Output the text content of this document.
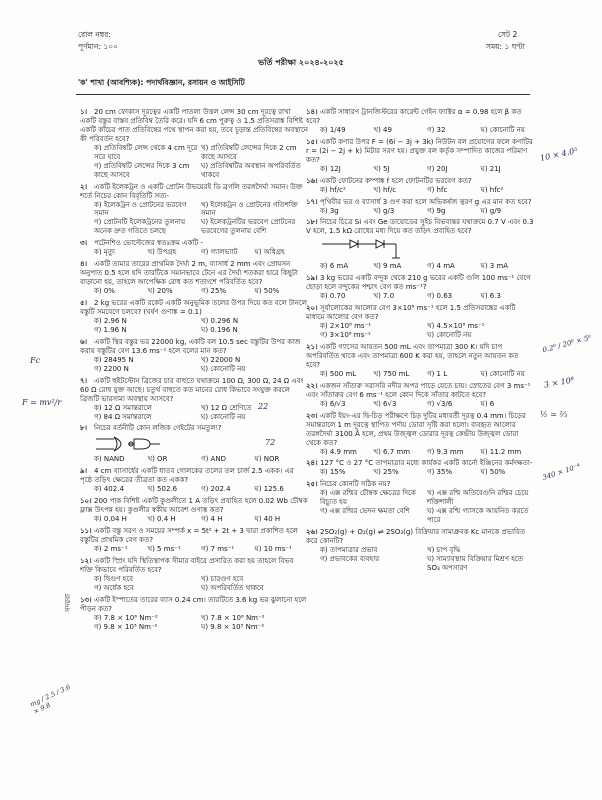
রোল নম্বর:
পূর্ণমান: ১০০
সেট 2
সময়: ১ ঘণ্টা
ভর্তি পরীক্ষা ২০২৪-২০২৫
'ক' শাখা (আবশ্যিক): পদার্থবিজ্ঞান, রসায়ন ও আইসিটি
১। 20 cm ফোকাস দূরত্বের একটি পাতলা উত্তল লেন্স 30 cm দূরত্বে রাখা একটি বস্তুর বাস্তব প্রতিবিম্ব তৈরি করে। যদি 6 cm পুরুত্ব ও 1.5 প্রতিসরাঙ্ক বিশিষ্ট একটি কাঁচের পাত প্রতিবিম্বের পথে স্থাপন করা হয়, তবে চূড়ান্ত প্রতিবিম্বের অবস্থানে কী পরিবর্তন হবে?
ক) প্রতিবিম্বটি লেন্স থেকে 4 cm দূরে সরে যাবে
খ) প্রতিবিম্বটি লেন্সের দিকে 2 cm কাছে আসবে
গ) প্রতিবিম্বটি লেন্সের দিকে 3 cm কাছে আসবে
ঘ) প্রতিবিম্বটির অবস্থান অপরিবর্তিত থাকবে
২। একটি ইলেকট্রন ও একটি প্রোটন উভয়েরই ডি ব্রগলি তরঙ্গদৈর্ঘ্য সমান। উক্ত শর্তে নিচের কোন বিবৃতিটি সত্য-
ক) ইলেকট্রন ও প্রোটনের ভরবেগ সমান
খ) ইলেকট্রন ও প্রোটনের গতিশক্তি সমান
গ) প্রোটনটি ইলেকট্রনের তুলনায় অনেক দ্রুত গতিতে চলছে
ঘ) ইলেকট্রনটির ভরবেগ প্রোটনের ভরবেগের তুলনায় বেশি
৩। পটেনশিও ভোল্টেজের স্বতঃক্রম একটি -
ক) মৃত্যু	খ) উপগ্রহ	গ) গ্যালভ্যাট	ঘ) অধিগ্রহ
৪। একটি তামার তারের প্রাথমিক দৈর্ঘ্য 2 m, ব্যাসার্ধ 2 mm এবং প্রোয়সন অনুপাত 0.5 হলে যদি তারটিকে সমানভাবে টেনে এর দৈর্ঘ্য শতকরা হারে কিছুটা বাড়ানো হয়, তাহলে আপেক্ষিক রোধ কত শতাংশে পরিবর্তিত হবে?
ক) 0%	খ) 20%	গ) 25%	ঘ) 50%
৫। 2 kg ভরের একটি রকেট একটি অনুভূমিক তলের উপর দিয়ে কত বলে টানলে বস্তুটি সমবেগে চলবে? (ঘর্ষণ গুণাঙ্ক = 0.1)
ক) 2.96 N	খ) 0.296 N
গ) 1.96 N	ঘ) 0.196 N
৬। একটি স্থির বস্তুর ভর 22000 kg, একটি বল 10.5 sec বস্তুটির উপর কাজ করায় বস্তুটির বেগ 13.6 ms⁻¹ হলে বলের মান কত?
ক) 28495 N	খ) 22000 N
গ) 2200 N	ঘ) কোনোটি নয়
৭। একটি হুইটস্টোন ব্রিজের চার বাহুতে যথাক্রমে 100 Ω, 300 Ω, 24 Ω এবং 60 Ω রোধ যুক্ত আছে। চতুর্থ বাহুতে কত মানের রোধ কিভাবে সংযুক্ত করলে ব্রিজটি ভারসাম্য অবস্থায় আসবে?
ক) 12 Ω সমান্তরালে	খ) 12 Ω শ্রেণিতে
গ) 84 Ω সমান্তরালে	ঘ) কোনোটি নয়
৮। নিচের বর্তনীটি কোন লজিক গেইটের সমতুল্য?
ক) NAND	খ) OR	গ) AND	ঘ) NOR
৯। 4 cm ব্যাসার্ধের একটি ধাতব গোলকের তলের তল চার্জ 2.5 একক। এর পৃষ্ঠে তড়িৎ ক্ষেত্রের তীব্রতা কত একক?
ক) 402.4	খ) 502.6	গ) 202.4	ঘ) 125.6
১০। 200 পাক বিশিষ্ট একটি কুণ্ডলীতে 1 A তড়িৎ প্রবাহিত হলে 0.02 Wb চৌম্বক ফ্লাক্স উৎপন্ন হয়। কুণ্ডলীর স্বকীয় আবেশ গুণাঙ্ক কত?
ক) 0.04 H	খ) 0.4 H	গ) 4 H	ঘ) 40 H
১১। একটি বস্তু সরণ ও সময়ের সম্পর্ক x = 5t² + 2t + 3 দ্বারা প্রকাশিত হলে বস্তুটির প্রাথমিক বেগ কত?
ক) 2 ms⁻¹	খ) 5 ms⁻¹	গ) 7 ms⁻¹	ঘ) 10 ms⁻¹
১২। একটি স্প্রিং যদি স্থিতিস্থাপক সীমার বাইরে প্রসারিত করা হয় তাহলে বিভব শক্তি কিভাবে পরিবর্তিত হবে?
ক) দ্বিগুণ হবে	খ) চারগুণ হবে
গ) অর্ধেক হবে	ঘ) অপরিবর্তিত থাকবে
১৩। একটি ইস্পাতের তারের ব্যাস 0.24 cm। তারটিতে 3.6 kg ভর ঝুলানো হলে পীড়ন কত?
ক) 7.8 × 10⁶ Nm⁻²	খ) 7.8 × 10⁶ Nm⁻²
গ) 9.8 × 10³ Nm⁻²	ঘ) 9.8 × 10⁵ Nm⁻²
১৪। একটি সাধারণ ট্রানজিস্টরের কারেন্ট গেইন ফ্যাক্টর α = 0.98 হলে β কত হবে?
ক) 1/49	খ) 49	গ) 32	ঘ) কোনোটি নয়
১৫। একটি কণার উপর F = (6i − 3j + 3k) নিউটন বল প্রয়োগের ফলে কণাটির r = (2i − 2j + k) মিটার সরণ হয়। প্রযুক্ত বল কর্তৃক সম্পাদিত কাজের পরিমাণ কত?
ক) 12J	খ) 5J	গ) 20J	ঘ) 21J
১৬। একটি ফোটনের কম্পাঙ্ক f হলে ফোটনটির ভরবেগ কত?
ক) hf/c²	খ) hf/c	গ) hfc	ঘ) hfc²
১৭। পৃথিবীর ভর ও ব্যাসার্ধ 3 গুণ করা হলে অভিকর্ষজ ত্বরণ g এর মান কত হবে?
ক) 3g	খ) g/3	গ) 9g	ঘ) g/9
১৮। নিচের চিত্রে Si এবং Ge ডায়োডের সুইচ বিভবান্তর যথাক্রমে 0.7 V এবং 0.3 V হলে, 1.5 kΩ রোধের মধ্য দিয়ে কত তড়িৎ প্রবাহিত হবে?
ক) 6 mA	খ) 9 mA	গ) 4 mA	ঘ) 3 mA
১৯। 3 kg ভরের একটি বন্দুক থেকে 210 g ভরের একটি গুলি 100 ms⁻¹ বেগে ছোড়া হলে বন্দুকের পশ্চাৎ বেগ কত ms⁻¹?
ক) 0.70	খ) 7.0	গ) 0.63	ঘ) 6.3
২০। সূর্যালোকের আলোর বেগ 3×10⁸ ms⁻¹ হলে 1.5 প্রতিসরাঙ্কের একটি মাধ্যমে আলোর বেগ কত?
ক) 2×10⁸ ms⁻¹	খ) 4.5×10⁸ ms⁻¹
গ) 3×10⁸ ms⁻¹	ঘ) কোনোটি নয়
২১। একটি গ্যাসের আয়তন 500 mL এবং তাপমাত্রা 300 K। যদি চাপ অপরিবর্তিত থাকে এবং তাপমাত্রা 600 K করা হয়, তাহলে নতুন আয়তন কত হবে?
ক) 500 mL	খ) 750 mL	গ) 1 L	ঘ) কোনোটি নয়
২২। একজন সাঁতারু সরাসরি নদীর অপর পাড়ে যেতে চায়। স্রোতের বেগ 3 ms⁻¹ এবং সাঁতারুর বেগ 6 ms⁻¹ হলে কোন দিকে সাঁতার কাটতে হবে?
ক) 6/√3	খ) 6√3	গ) √3/6	ঘ) 6
২৩। একটি ইয়ং-এর দ্বি-চিড় পরীক্ষণে চিড় দুটির মধ্যবর্তী দূরত্ব 0.4 mm। চিড়ের সমান্তরালে 1 m দূরত্বে স্থাপিত পর্দায় ডোরা সৃষ্টি করা হলো। ব্যবহৃত আলোর তরঙ্গদৈর্ঘ্য 3100 Å হলে, প্রথম উজ্জ্বল ডোরার দূরত্ব কেন্দ্রীয় উজ্জ্বল ডোরা থেকে কত?
ক) 4.9 mm	খ) 6.7 mm	গ) 9.3 mm	ঘ) 11.2 mm
২৪। 127 °C ও 27 °C তাপমাত্রার মধ্যে কার্যকর একটি কার্নো ইঞ্জিনের কর্মদক্ষতা-
ক) 15%	খ) 25%	গ) 35%	ঘ) 50%
২৫। নিচের কোনটি সঠিক নয়?
ক) এক্স রশ্মির চৌম্বক ক্ষেত্রের দিকে বিচ্যুত হয়
খ) এক্স রশ্মি অতিবেগুনি রশ্মির চেয়ে শক্তিশালী
গ) এক্স রশ্মির ভেদন ক্ষমতা বেশি	ঘ) এক্স রশ্মি গ্যাসকে আয়নিত করতে পারে
২৬। 2SO₂(g) + O₂(g) ⇌ 2SO₃(g) বিক্রিয়ার সাম্যধ্রুবক Kc মানকে প্রভাবিত করে কোনটি?
ক) তাপমাত্রার প্রভাব	খ) চাপ বৃদ্ধি
গ) প্রভাবকের ব্যবহার	ঘ) সাম্যাবস্থায় বিক্রিয়ার মিশ্রণ হতে SO₃ অপসারণ
সদরবা
10 × 4.0⁵
0.2⁰ / 20⁰ × 5⁰
3 × 10⁸
½ = ⅔
340 × 10⁻⁴
Fc
F = mv²/r	22
72
mg / 2.5 / 3.6 × 9.8
